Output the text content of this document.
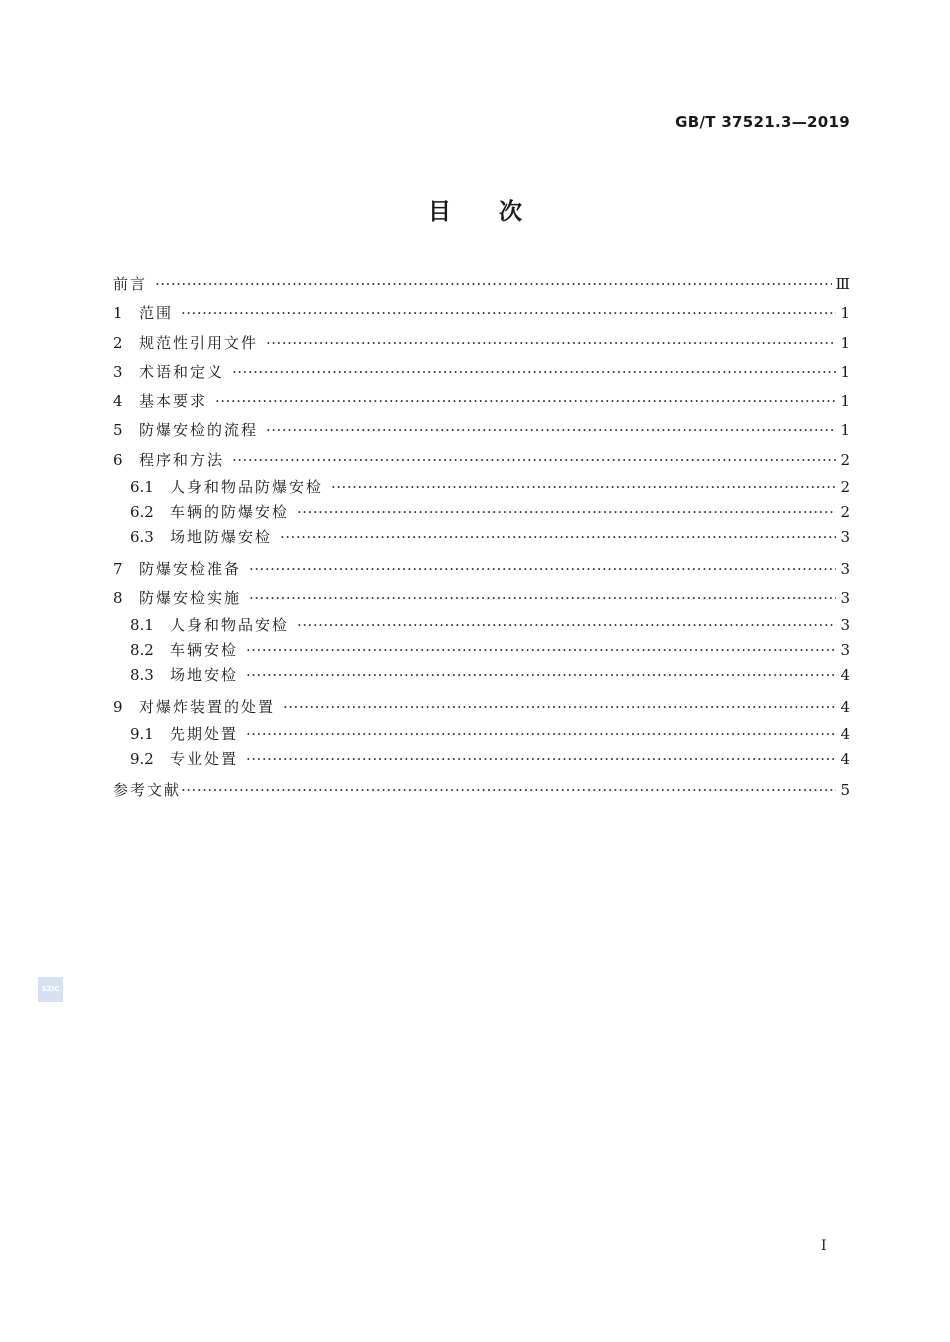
GB/T 37521.3—2019
目次
前言 ·····	Ⅲ
1	范围 ·····	1
2	规范性引用文件 ·····	1
3	术语和定义 ·····	1
4	基本要求 ·····	1
5	防爆安检的流程 ·····	1
6	程序和方法 ·····	2
6.1	人身和物品防爆安检 ·····	2
6.2	车辆的防爆安检 ·····	2
6.3	场地防爆安检 ·····	3
7	防爆安检准备 ·····	3
8	防爆安检实施 ·····	3
8.1	人身和物品安检 ·····	3
8.2	车辆安检 ·····	3
8.3	场地安检 ·····	4
9	对爆炸装置的处置 ·····	4
9.1	先期处置 ·····	4
9.2	专业处置 ·····	4
参考文献 ·····	5
SZIC
Ⅰ
